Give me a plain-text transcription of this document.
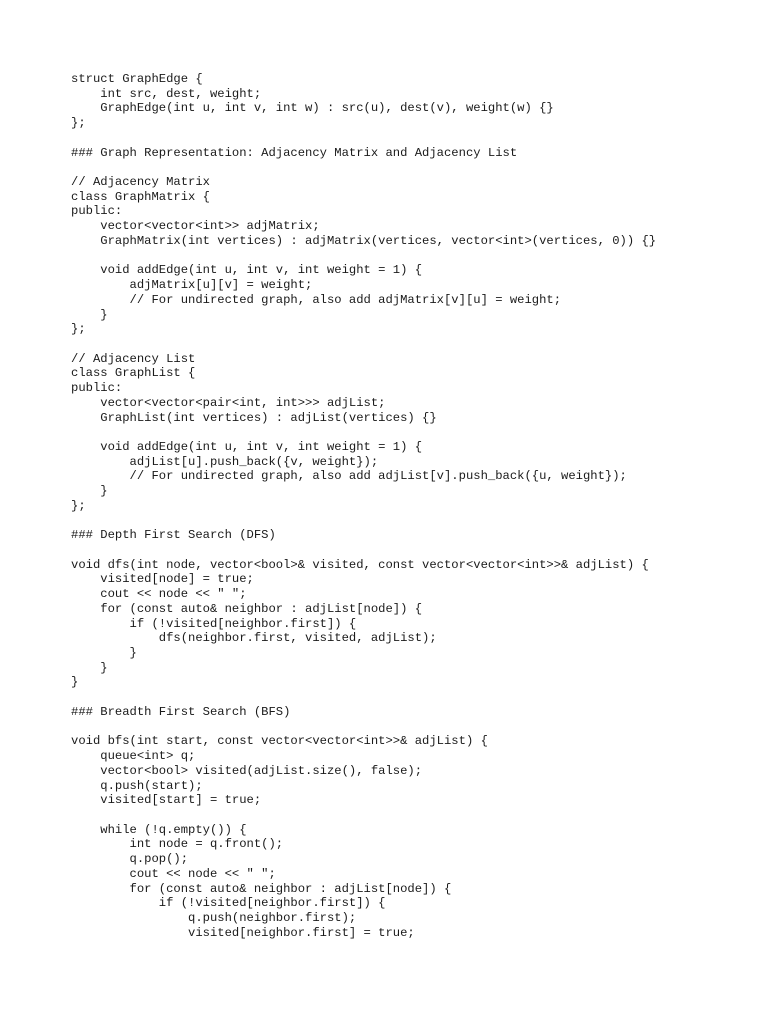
struct GraphEdge {
int src, dest, weight;
GraphEdge(int u, int v, int w) : src(u), dest(v), weight(w) {}
};
### Graph Representation: Adjacency Matrix and Adjacency List
// Adjacency Matrix
class GraphMatrix {
public:
vector<vector<int>> adjMatrix;
GraphMatrix(int vertices) : adjMatrix(vertices, vector<int>(vertices, 0)) {}
void addEdge(int u, int v, int weight = 1) {
adjMatrix[u][v] = weight;
// For undirected graph, also add adjMatrix[v][u] = weight;
}
};
// Adjacency List
class GraphList {
public:
vector<vector<pair<int, int>>> adjList;
GraphList(int vertices) : adjList(vertices) {}
void addEdge(int u, int v, int weight = 1) {
adjList[u].push_back({v, weight});
// For undirected graph, also add adjList[v].push_back({u, weight});
}
};
### Depth First Search (DFS)
void dfs(int node, vector<bool>& visited, const vector<vector<int>>& adjList) {
visited[node] = true;
cout << node << " ";
for (const auto& neighbor : adjList[node]) {
if (!visited[neighbor.first]) {
dfs(neighbor.first, visited, adjList);
}
}
}
### Breadth First Search (BFS)
void bfs(int start, const vector<vector<int>>& adjList) {
queue<int> q;
vector<bool> visited(adjList.size(), false);
q.push(start);
visited[start] = true;
while (!q.empty()) {
int node = q.front();
q.pop();
cout << node << " ";
for (const auto& neighbor : adjList[node]) {
if (!visited[neighbor.first]) {
q.push(neighbor.first);
visited[neighbor.first] = true;
